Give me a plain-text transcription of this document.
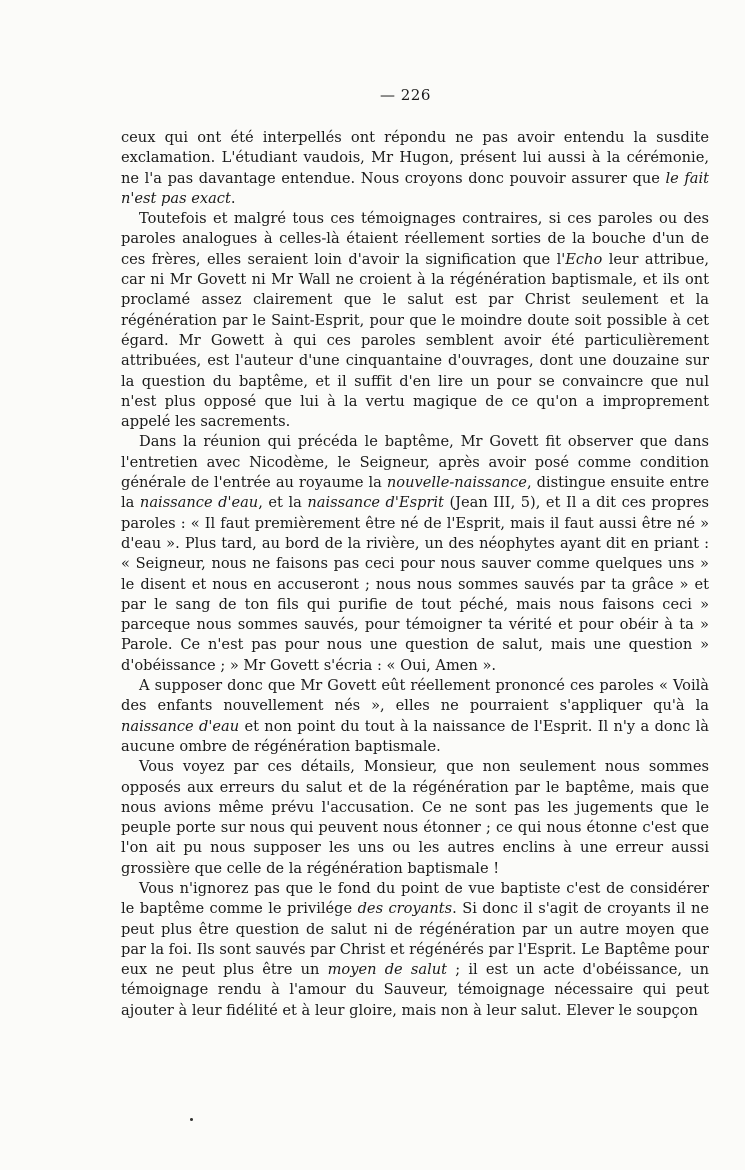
— 226

ceux qui ont été interpellés ont répondu ne pas avoir entendu la susdite exclamation. L'étudiant vaudois, Mr Hugon, présent lui aussi à la cérémonie, ne l'a pas davantage entendue. Nous croyons donc pouvoir assurer que le fait n'est pas exact.

Toutefois et malgré tous ces témoignages contraires, si ces paroles ou des paroles analogues à celles-là étaient réellement sorties de la bouche d'un de ces frères, elles seraient loin d'avoir la signification que l'Echo leur attribue, car ni Mr Govett ni Mr Wall ne croient à la régénération baptismale, et ils ont proclamé assez clairement que le salut est par Christ seulement et la régénération par le Saint-Esprit, pour que le moindre doute soit possible à cet égard. Mr Gowett à qui ces paroles semblent avoir été particulièrement attribuées, est l'auteur d'une cinquantaine d'ouvrages, dont une douzaine sur la question du baptême, et il suffit d'en lire un pour se convaincre que nul n'est plus opposé que lui à la vertu magique de ce qu'on a improprement appelé les sacrements.

Dans la réunion qui précéda le baptême, Mr Govett fit observer que dans l'entretien avec Nicodème, le Seigneur, après avoir posé comme condition générale de l'entrée au royaume la nouvelle-naissance, distingue ensuite entre la naissance d'eau, et la naissance d'Esprit (Jean III, 5), et Il a dit ces propres paroles : « Il faut premièrement être né de l'Esprit, mais il faut aussi être né » d'eau ». Plus tard, au bord de la rivière, un des néophytes ayant dit en priant : « Seigneur, nous ne faisons pas ceci pour nous sauver comme quelques uns » le disent et nous en accuseront ; nous nous sommes sauvés par ta grâce » et par le sang de ton fils qui purifie de tout péché, mais nous faisons ceci » parceque nous sommes sauvés, pour témoigner ta vérité et pour obéir à ta » Parole. Ce n'est pas pour nous une question de salut, mais une question » d'obéissance ; » Mr Govett s'écria : « Oui, Amen ».

A supposer donc que Mr Govett eût réellement prononcé ces paroles « Voilà des enfants nouvellement nés », elles ne pourraient s'appliquer qu'à la naissance d'eau et non point du tout à la naissance de l'Esprit. Il n'y a donc là aucune ombre de régénération baptismale.

Vous voyez par ces détails, Monsieur, que non seulement nous sommes opposés aux erreurs du salut et de la régénération par le baptême, mais que nous avions même prévu l'accusation. Ce ne sont pas les jugements que le peuple porte sur nous qui peuvent nous étonner ; ce qui nous étonne c'est que l'on ait pu nous supposer les uns ou les autres enclins à une erreur aussi grossière que celle de la régénération baptismale !

Vous n'ignorez pas que le fond du point de vue baptiste c'est de considérer le baptême comme le privilége des croyants. Si donc il s'agit de croyants il ne peut plus être question de salut ni de régénération par un autre moyen que par la foi. Ils sont sauvés par Christ et régénérés par l'Esprit. Le Baptême pour eux ne peut plus être un moyen de salut ; il est un acte d'obéissance, un témoignage rendu à l'amour du Sauveur, témoignage nécessaire qui peut ajouter à leur fidélité et à leur gloire, mais non à leur salut. Elever le soupçon
